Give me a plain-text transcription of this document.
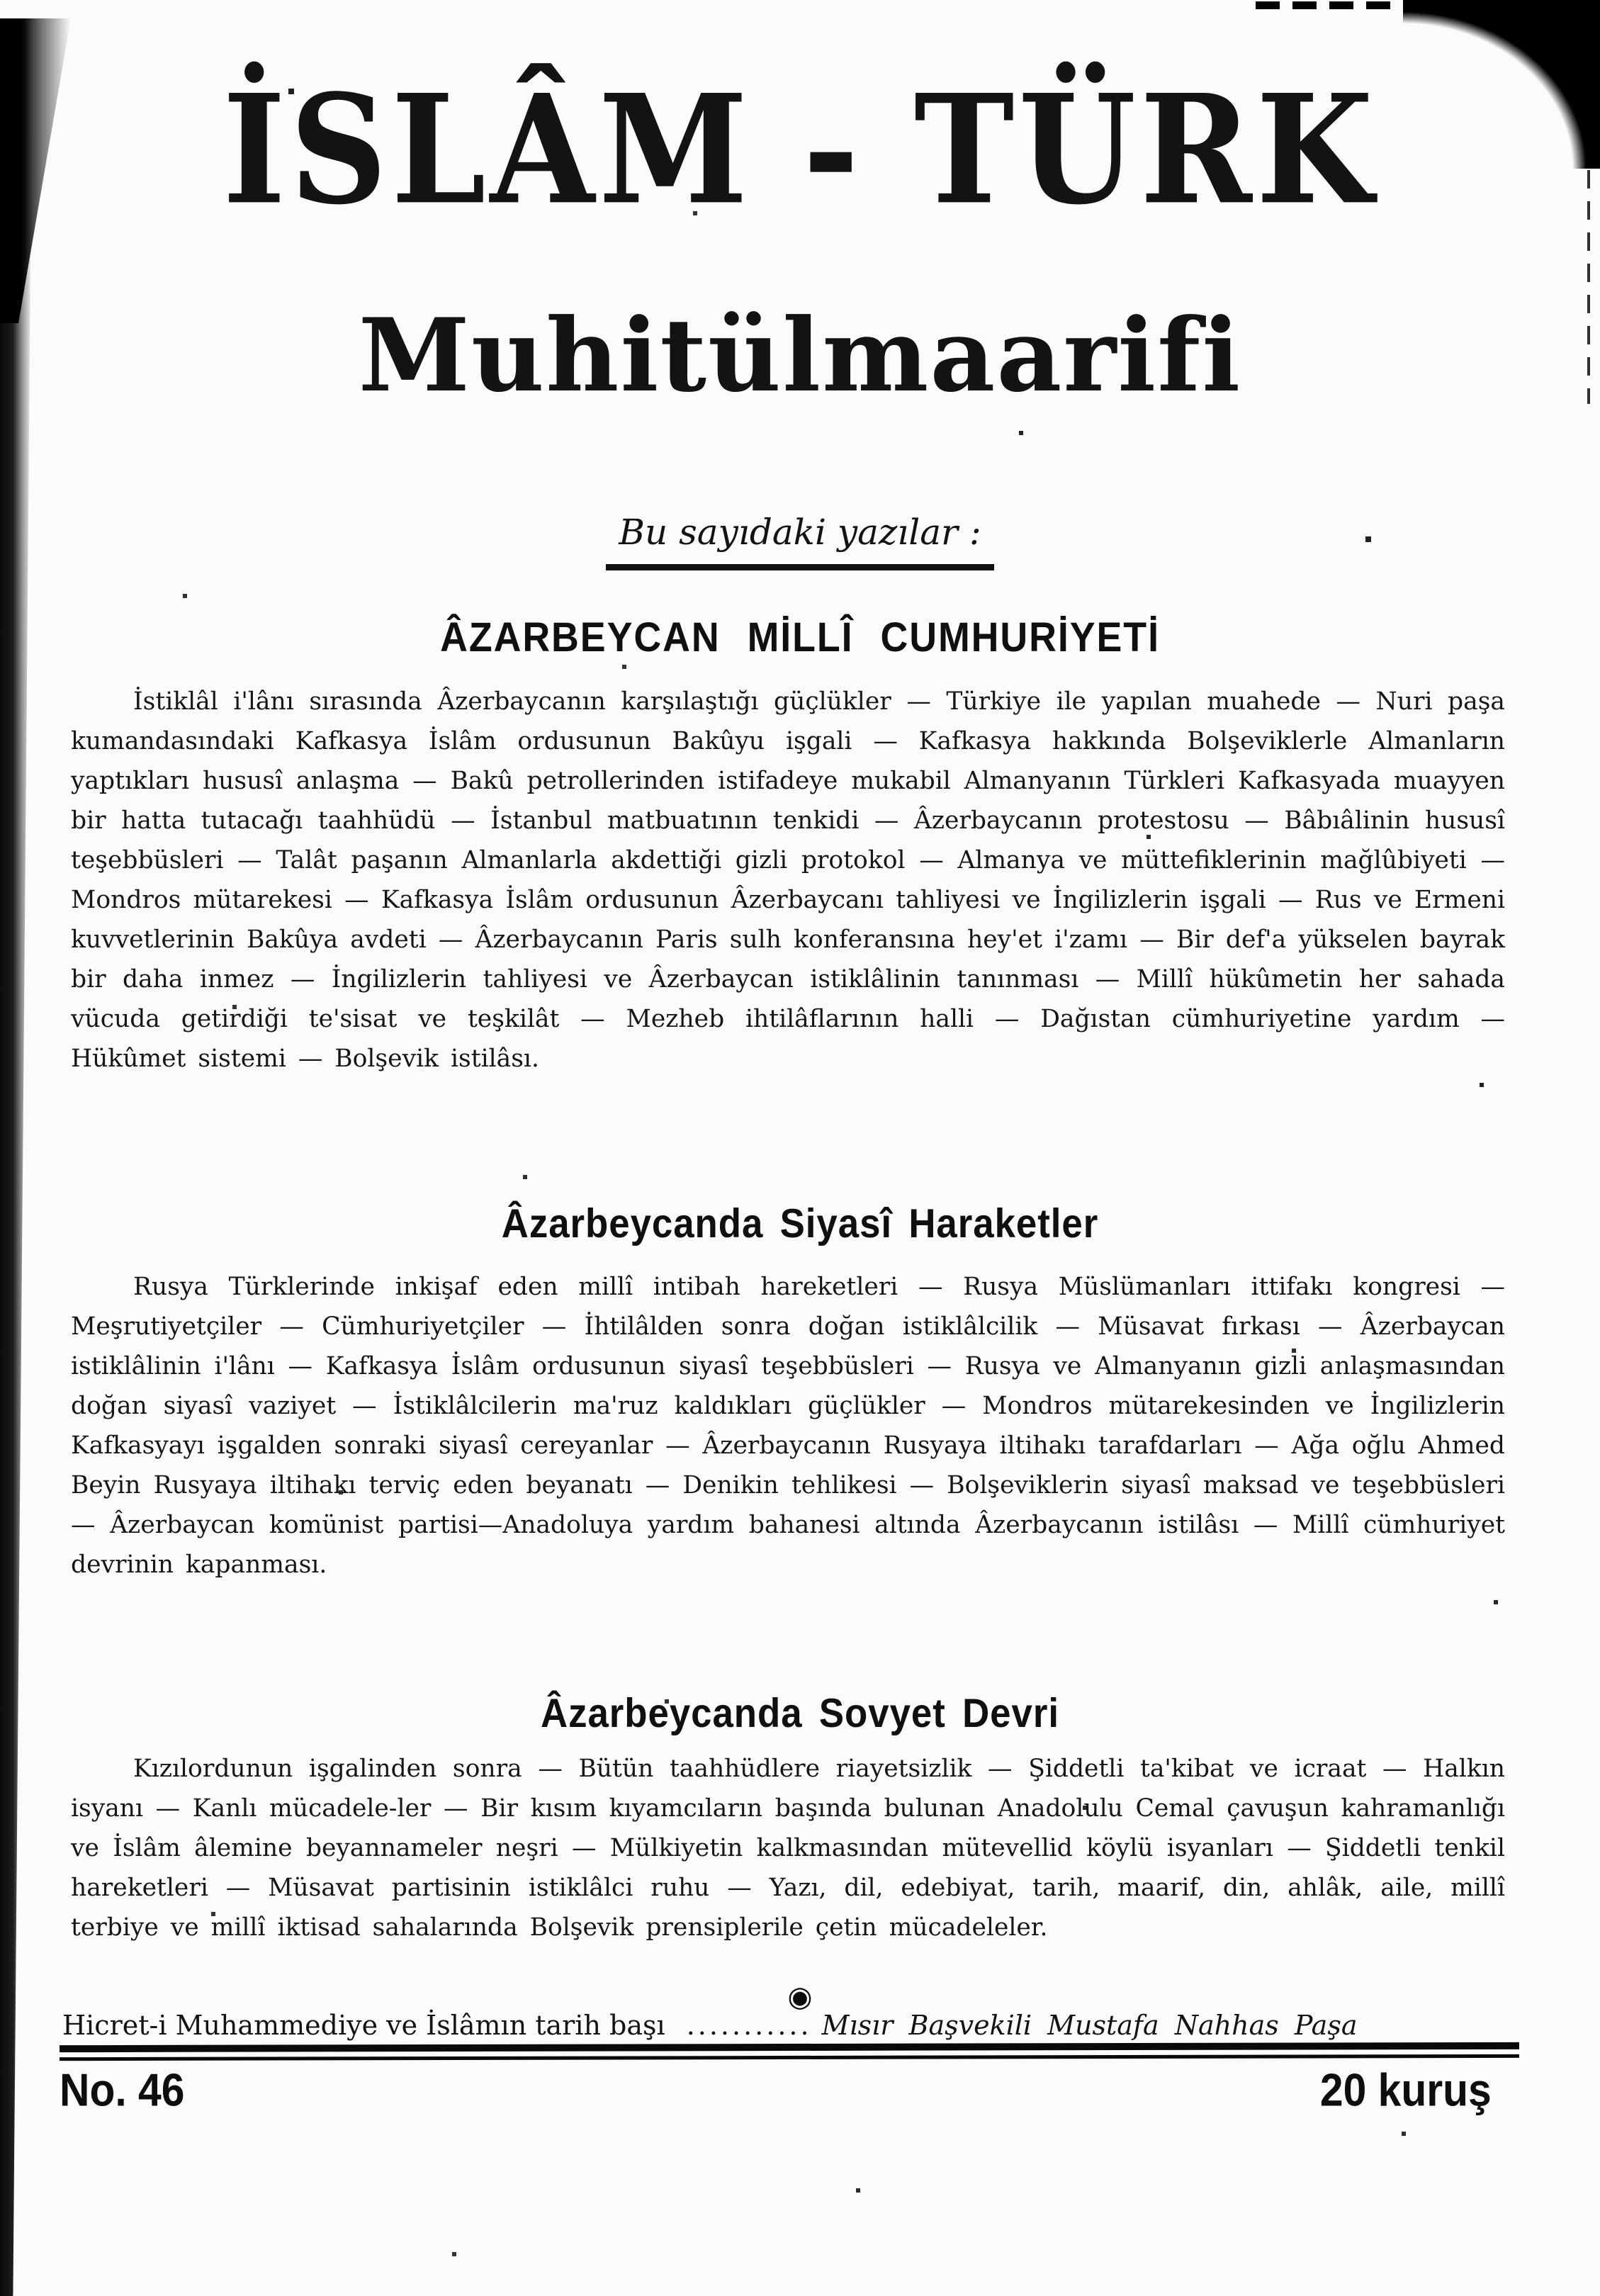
İSLÂM - TÜRK
Muhitülmaarifi
Bu sayıdaki yazılar :
ÂZARBEYCAN MİLLÎ CUMHURİYETİ
İstiklâl i'lânı sırasında Âzerbaycanın karşılaştığı güçlükler — Türkiye ile yapılan muahede — Nuri paşa kumandasındaki Kafkasya İslâm ordusunun Bakûyu işgali — Kafkasya hakkında Bolşeviklerle Almanların yaptıkları hususî anlaşma — Bakû petrollerinden istifadeye mukabil Almanyanın Türkleri Kafkasyada muayyen bir hatta tutacağı taahhüdü — İstanbul matbuatının tenkidi — Âzerbaycanın protestosu — Bâbıâlinin hususî teşebbüsleri — Talât paşanın Almanlarla akdettiği gizli protokol — Almanya ve müttefiklerinin mağlûbiyeti — Mondros mütarekesi — Kafkasya İslâm ordusunun Âzerbaycanı tahliyesi ve İngilizlerin işgali — Rus ve Ermeni kuvvetlerinin Bakûya avdeti — Âzerbaycanın Paris sulh konferansına hey'et i'zamı — Bir def'a yükselen bayrak bir daha inmez — İngilizlerin tahliyesi ve Âzerbaycan istiklâlinin tanınması — Millî hükûmetin her sahada vücuda getirdiği te'sisat ve teşkilât — Mezheb ihtilâflarının halli — Dağıstan cümhuriyetine yardım — Hükûmet sistemi — Bolşevik istilâsı.
Âzarbeycanda Siyasî Haraketler
Rusya Türklerinde inkişaf eden millî intibah hareketleri — Rusya Müslümanları ittifakı kongresi — Meşrutiyetçiler — Cümhuriyetçiler — İhtilâlden sonra doğan istiklâlcilik — Müsavat fırkası — Âzerbaycan istiklâlinin i'lânı — Kafkasya İslâm ordusunun siyasî teşebbüsleri — Rusya ve Almanyanın gizli anlaşmasından doğan siyasî vaziyet — İstiklâlcilerin ma'ruz kaldıkları güçlükler — Mondros mütarekesinden ve İngilizlerin Kafkasyayı işgalden sonraki siyasî cereyanlar — Âzerbaycanın Rusyaya iltihakı tarafdarları — Ağa oğlu Ahmed Beyin Rusyaya iltihakı terviç eden beyanatı — Denikin tehlikesi — Bolşeviklerin siyasî maksad ve teşebbüsleri — Âzerbaycan komünist partisi—Anadoluya yardım bahanesi altında Âzerbaycanın istilâsı — Millî cümhuriyet devrinin kapanması.
Âzarbeycanda Sovyet Devri
Kızılordunun işgalinden sonra — Bütün taahhüdlere riayetsizlik — Şiddetli ta'kibat ve icraat — Halkın isyanı — Kanlı mücadele-ler — Bir kısım kıyamcıların başında bulunan Anadolulu Cemal çavuşun kahramanlığı ve İslâm âlemine beyannameler neşri — Mülkiyetin kalkmasından mütevellid köylü isyanları — Şiddetli tenkil hareketleri — Müsavat partisinin istiklâlci ruhu — Yazı, dil, edebiyat, tarih, maarif, din, ahlâk, aile, millî terbiye ve millî iktisad sahalarında Bolşevik prensiplerile çetin mücadeleler.
◉
Hicret-i Muhammediye ve İslâmın tarih başı ........... Mısır Başvekili Mustafa Nahhas Paşa
No. 46	20 kuruş
